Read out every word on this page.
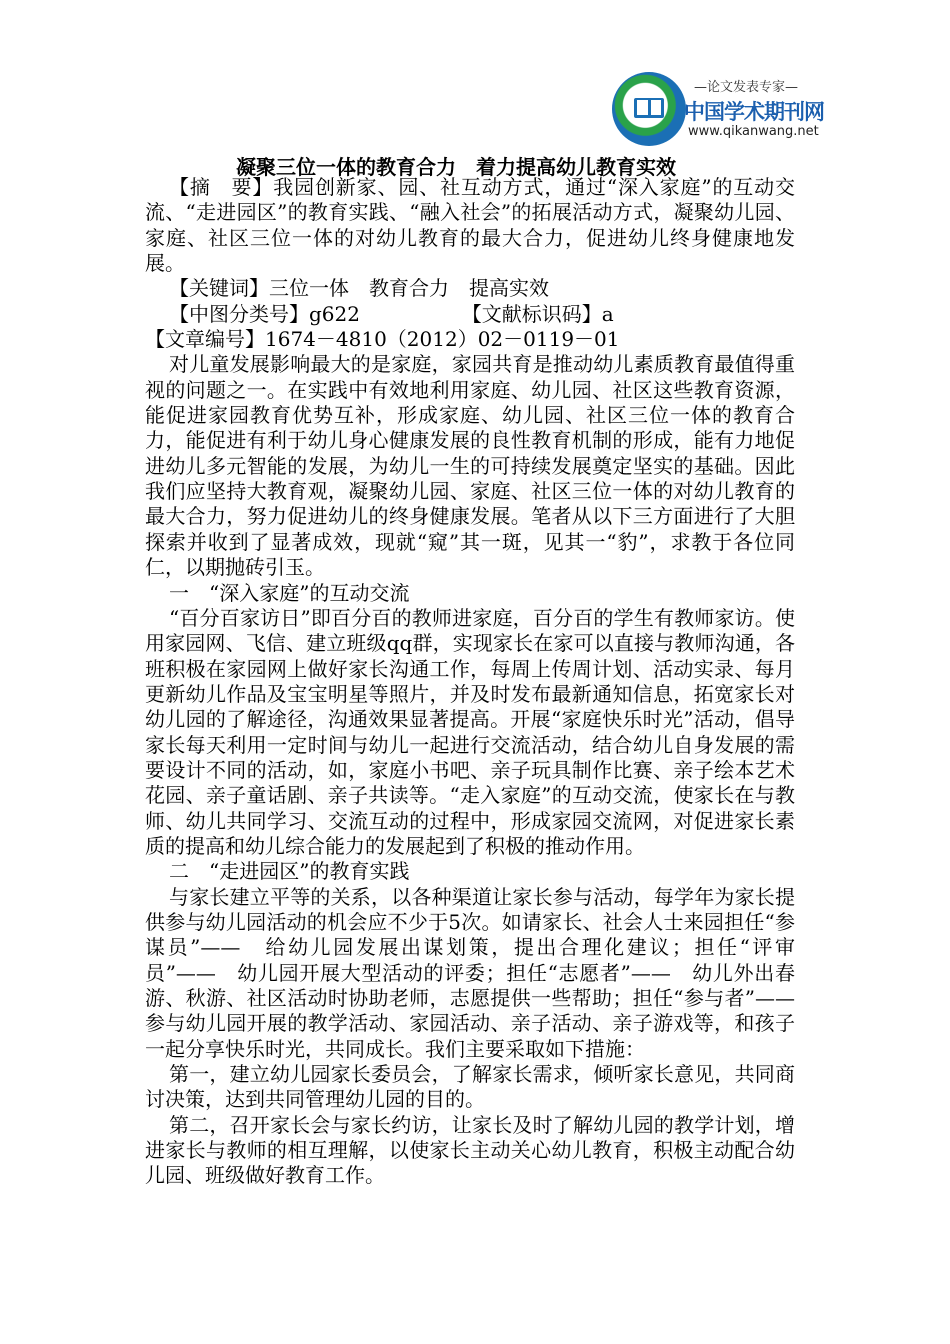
—论文发表专家—
中国学术期刊网
www.qikanwang.net
凝聚三位一体的教育合力　着力提高幼儿教育实效

【摘　要】我园创新家、园、社互动方式，通过“深入家庭”的互动交流、“走进园区”的教育实践、“融入社会”的拓展活动方式，凝聚幼儿园、家庭、社区三位一体的对幼儿教育的最大合力，促进幼儿终身健康地发展。

【关键词】三位一体　教育合力　提高实效

【中图分类号】g622	【文献标识码】a

【文章编号】1674－4810（2012）02－0119－01

对儿童发展影响最大的是家庭，家园共育是推动幼儿素质教育最值得重视的问题之一。在实践中有效地利用家庭、幼儿园、社区这些教育资源，能促进家园教育优势互补，形成家庭、幼儿园、社区三位一体的教育合力，能促进有利于幼儿身心健康发展的良性教育机制的形成，能有力地促进幼儿多元智能的发展，为幼儿一生的可持续发展奠定坚实的基础。因此我们应坚持大教育观，凝聚幼儿园、家庭、社区三位一体的对幼儿教育的最大合力，努力促进幼儿的终身健康发展。笔者从以下三方面进行了大胆探索并收到了显著成效，现就“窥”其一斑，见其一“豹”，求教于各位同仁，以期抛砖引玉。

一　“深入家庭”的互动交流

“百分百家访日”即百分百的教师进家庭，百分百的学生有教师家访。使用家园网、飞信、建立班级qq群，实现家长在家可以直接与教师沟通，各班积极在家园网上做好家长沟通工作，每周上传周计划、活动实录、每月更新幼儿作品及宝宝明星等照片，并及时发布最新通知信息，拓宽家长对幼儿园的了解途径，沟通效果显著提高。开展“家庭快乐时光”活动，倡导家长每天利用一定时间与幼儿一起进行交流活动，结合幼儿自身发展的需要设计不同的活动，如，家庭小书吧、亲子玩具制作比赛、亲子绘本艺术花园、亲子童话剧、亲子共读等。“走入家庭”的互动交流，使家长在与教师、幼儿共同学习、交流互动的过程中，形成家园交流网，对促进家长素质的提高和幼儿综合能力的发展起到了积极的推动作用。

二　“走进园区”的教育实践

与家长建立平等的关系，以各种渠道让家长参与活动，每学年为家长提供参与幼儿园活动的机会应不少于5次。如请家长、社会人士来园担任“参谋员”——　给幼儿园发展出谋划策，提出合理化建议；担任“评审员”——　幼儿园开展大型活动的评委；担任“志愿者”——　幼儿外出春游、秋游、社区活动时协助老师，志愿提供一些帮助；担任“参与者”——　参与幼儿园开展的教学活动、家园活动、亲子活动、亲子游戏等，和孩子一起分享快乐时光，共同成长。我们主要采取如下措施：

第一，建立幼儿园家长委员会，了解家长需求，倾听家长意见，共同商讨决策，达到共同管理幼儿园的目的。

第二，召开家长会与家长约访，让家长及时了解幼儿园的教学计划，增进家长与教师的相互理解，以使家长主动关心幼儿教育，积极主动配合幼儿园、班级做好教育工作。
